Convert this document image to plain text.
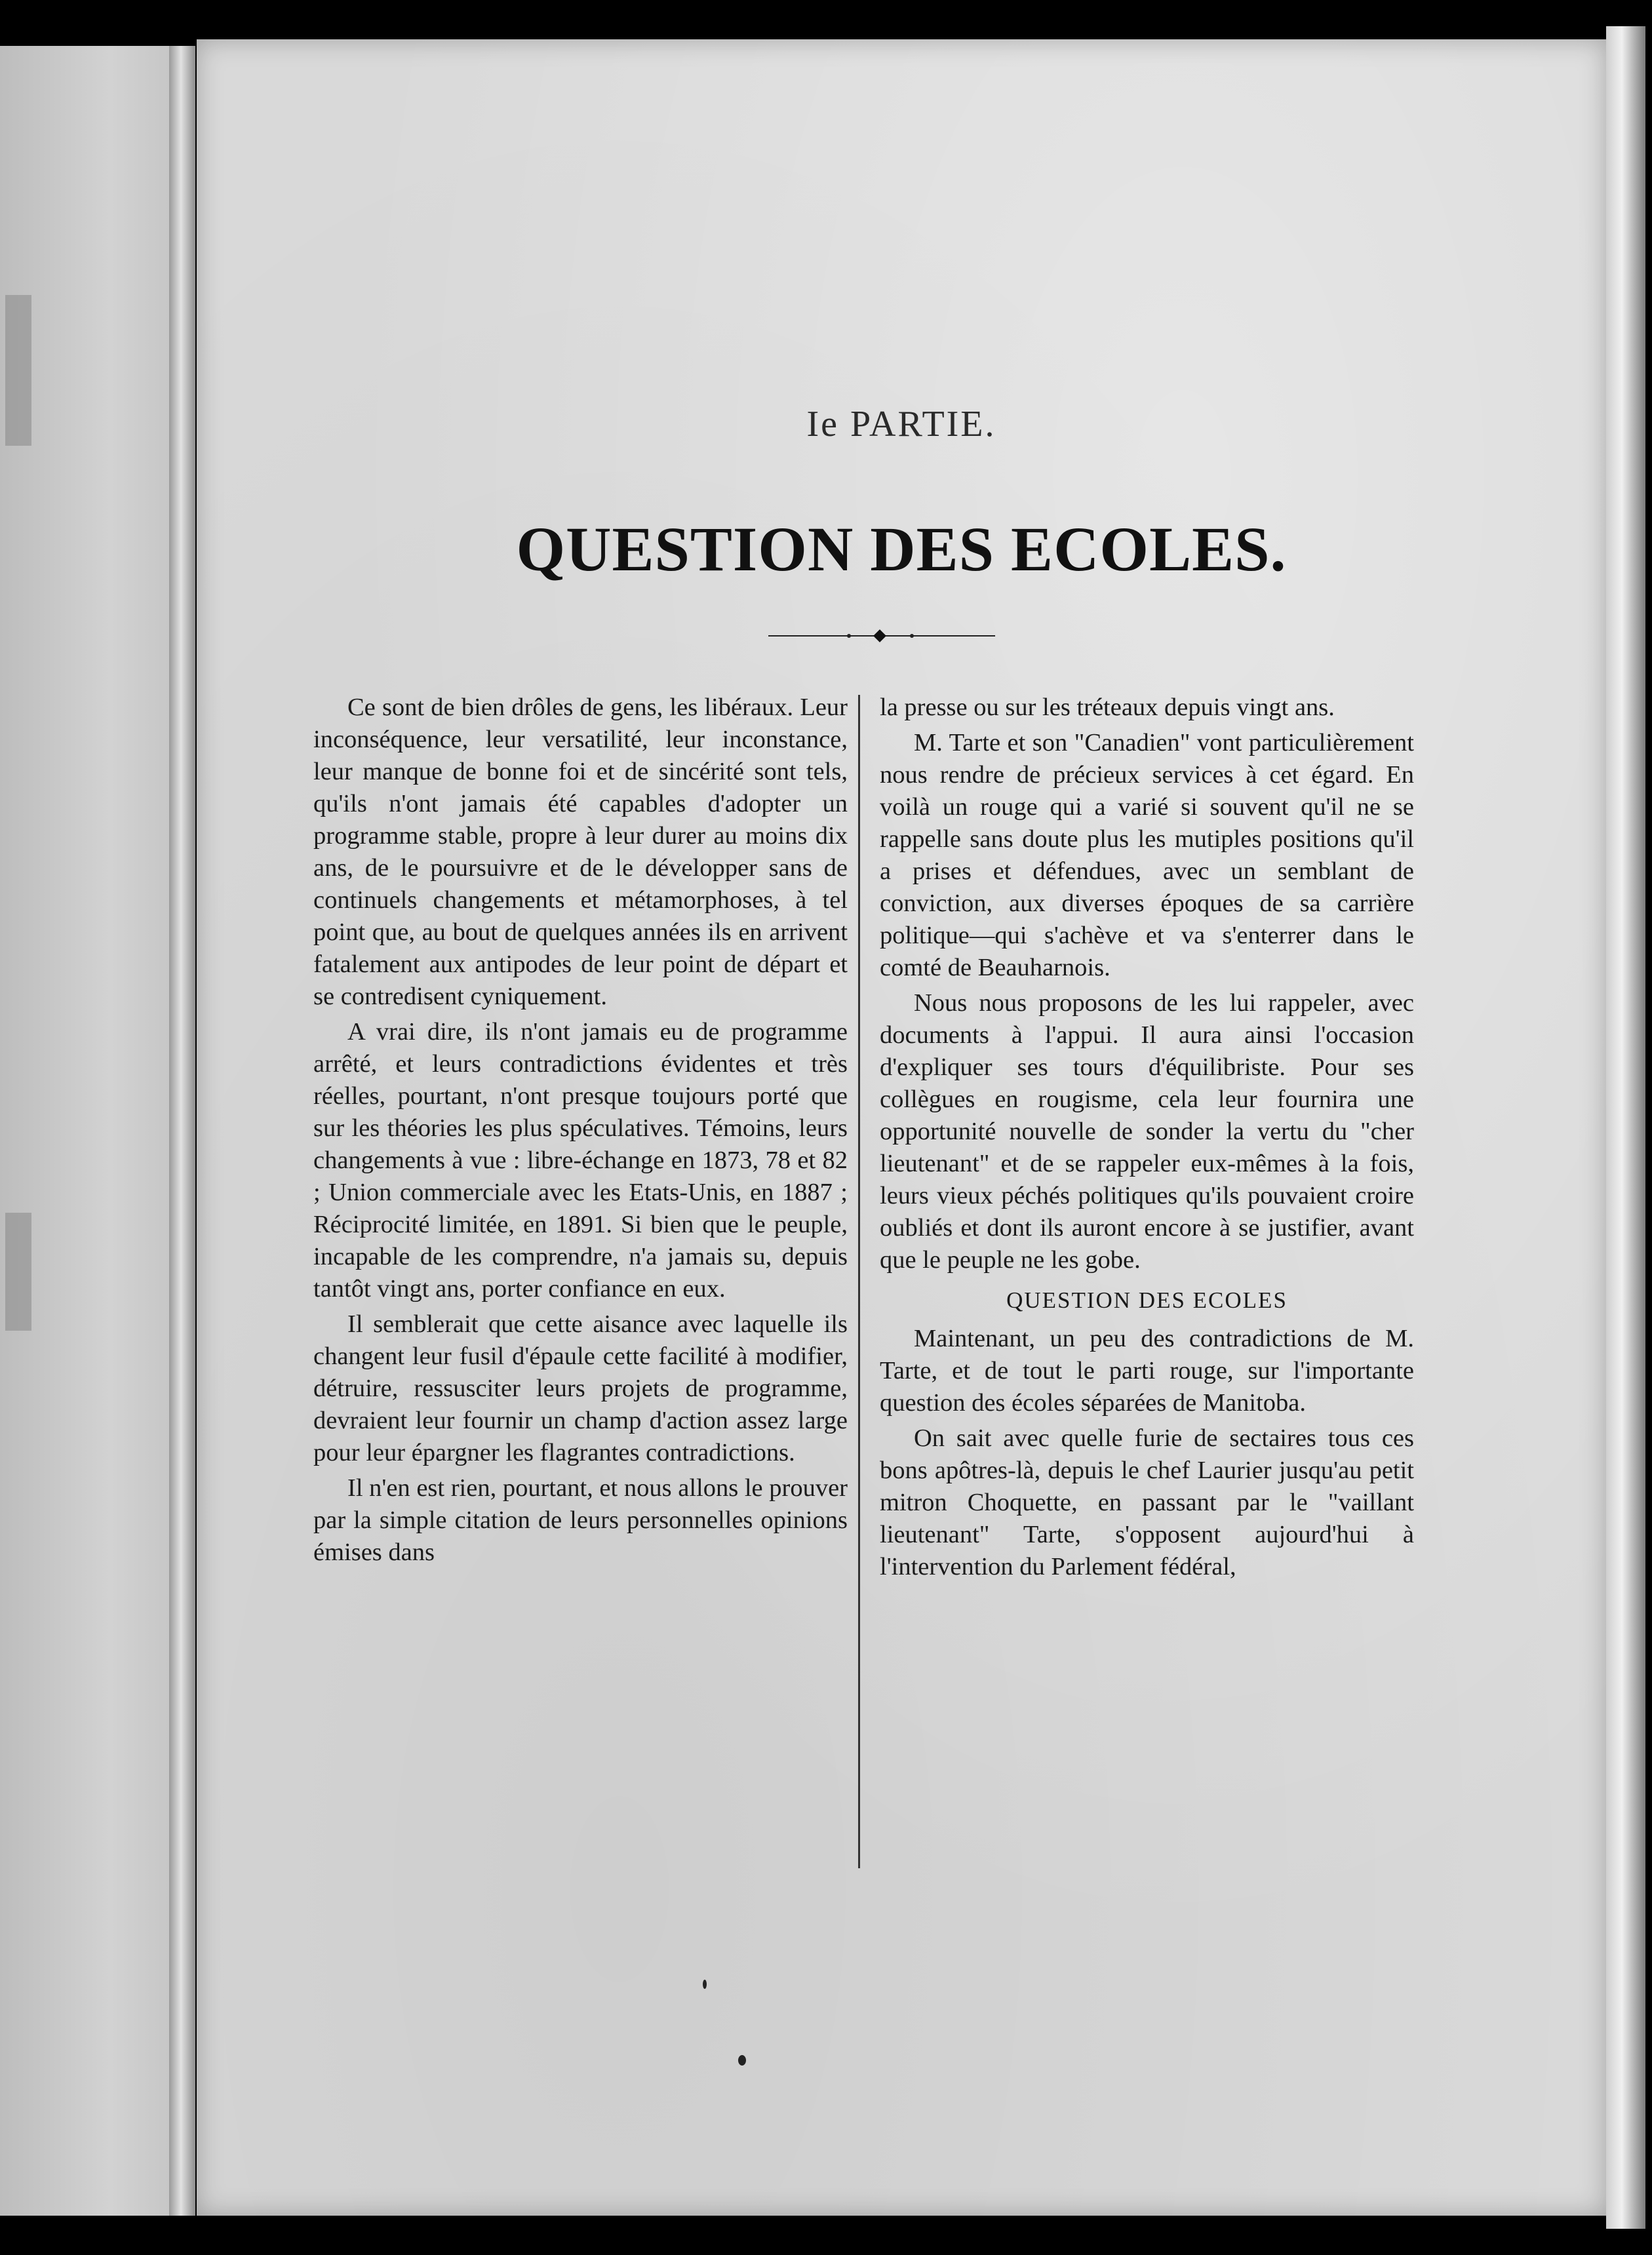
Ie PARTIE.
QUESTION DES ECOLES.

Ce sont de bien drôles de gens, les libéraux. Leur inconséquence, leur versatilité, leur inconstance, leur manque de bonne foi et de sincérité sont tels, qu'ils n'ont jamais été capables d'adopter un programme stable, propre à leur durer au moins dix ans, de le poursuivre et de le développer sans de continuels changements et métamorphoses, à tel point que, au bout de quelques années ils en arrivent fatalement aux antipodes de leur point de départ et se contredisent cyniquement.

A vrai dire, ils n'ont jamais eu de programme arrêté, et leurs contradictions évidentes et très réelles, pourtant, n'ont presque toujours porté que sur les théories les plus spéculatives. Témoins, leurs changements à vue : libre-échange en 1873, 78 et 82 ; Union commerciale avec les Etats-Unis, en 1887 ; Réciprocité limitée, en 1891. Si bien que le peuple, incapable de les comprendre, n'a jamais su, depuis tantôt vingt ans, porter confiance en eux.

Il semblerait que cette aisance avec laquelle ils changent leur fusil d'épaule cette facilité à modifier, détruire, ressusciter leurs projets de programme, devraient leur fournir un champ d'action assez large pour leur épargner les flagrantes contradictions.

Il n'en est rien, pourtant, et nous allons le prouver par la simple citation de leurs personnelles opinions émises dans

la presse ou sur les tréteaux depuis vingt ans.

M. Tarte et son "Canadien" vont particulièrement nous rendre de précieux services à cet égard. En voilà un rouge qui a varié si souvent qu'il ne se rappelle sans doute plus les mutiples positions qu'il a prises et défendues, avec un semblant de conviction, aux diverses époques de sa carrière politique—qui s'achève et va s'enterrer dans le comté de Beauharnois.

Nous nous proposons de les lui rappeler, avec documents à l'appui. Il aura ainsi l'occasion d'expliquer ses tours d'équilibriste. Pour ses collègues en rougisme, cela leur fournira une opportunité nouvelle de sonder la vertu du "cher lieutenant" et de se rappeler eux-mêmes à la fois, leurs vieux péchés politiques qu'ils pouvaient croire oubliés et dont ils auront encore à se justifier, avant que le peuple ne les gobe.

QUESTION DES ECOLES

Maintenant, un peu des contradictions de M. Tarte, et de tout le parti rouge, sur l'importante question des écoles séparées de Manitoba.

On sait avec quelle furie de sectaires tous ces bons apôtres-là, depuis le chef Laurier jusqu'au petit mitron Choquette, en passant par le "vaillant lieutenant" Tarte, s'opposent aujourd'hui à l'intervention du Parlement fédéral,
